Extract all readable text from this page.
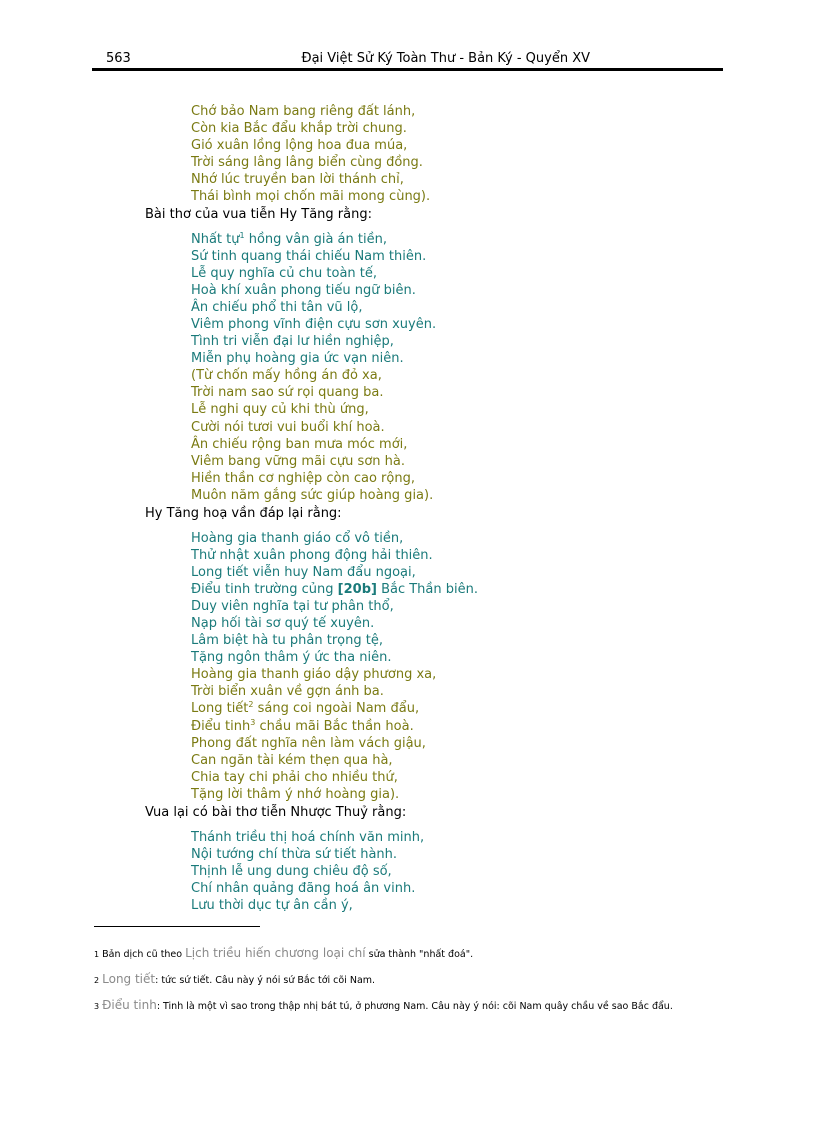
563	Đại Việt Sử Ký Toàn Thư - Bản Ký - Quyển XV
Chớ bảo Nam bang riêng đất lánh,
Còn kia Bắc đẩu khắp trời chung.
Gió xuân lồng lộng hoa đua múa,
Trời sáng lâng lâng biển cùng đồng.
Nhớ lúc truyền ban lời thánh chỉ,
Thái bình mọi chốn mãi mong cùng).
Bài thơ của vua tiễn Hy Tăng rằng:
Nhất tự$^1$ hồng vân già án tiền,
Sứ tinh quang thái chiếu Nam thiên.
Lễ quy nghĩa củ chu toàn tế,
Hoà khí xuân phong tiếu ngữ biên.
Ân chiếu phổ thi tân vũ lộ,
Viêm phong vĩnh điện cựu sơn xuyên.
Tình tri viễn đại lư hiền nghiệp,
Miễn phụ hoàng gia ức vạn niên.
(Từ chốn mấy hồng án đỏ xa,
Trời nam sao sứ rọi quang ba.
Lễ nghi quy củ khi thù ứng,
Cười nói tươi vui buổi khí hoà.
Ân chiếu rộng ban mưa móc mới,
Viêm bang vững mãi cựu sơn hà.
Hiền thần cơ nghiệp còn cao rộng,
Muôn năm gắng sức giúp hoàng gia).
Hy Tăng hoạ vần đáp lại rằng:
Hoàng gia thanh giáo cổ vô tiền,
Thử nhật xuân phong động hải thiên.
Long tiết viễn huy Nam đẩu ngoại,
Điểu tinh trường củng [20b] Bắc Thần biên.
Duy viên nghĩa tại tư phân thổ,
Nạp hối tài sơ quý tế xuyên.
Lâm biệt hà tu phân trọng tệ,
Tặng ngôn thâm ý ức tha niên.
Hoàng gia thanh giáo dậy phương xa,
Trời biển xuân về gợn ánh ba.
Long tiết$^2$ sáng coi ngoài Nam đẩu,
Điểu tinh$^3$ chầu mãi Bắc thần hoà.
Phong đất nghĩa nên làm vách giậu,
Can ngăn tài kém thẹn qua hà,
Chia tay chi phải cho nhiều thứ,
Tặng lời thâm ý nhớ hoàng gia).
Vua lại có bài thơ tiễn Nhược Thuỷ rằng:
Thánh triều thị hoá chính văn minh,
Nội tướng chí thừa sứ tiết hành.
Thịnh lễ ung dung chiêu độ số,
Chí nhân quảng đãng hoá ân vinh.
Lưu thời dục tự ân cần ý,
1 Bản dịch cũ theo Lịch triều hiến chương loại chí sửa thành "nhất đoá".
2 Long tiết: tức sứ tiết. Câu này ý nói sứ Bắc tới cõi Nam.
3 Điểu tinh: Tinh là một vì sao trong thập nhị bát tú, ở phương Nam. Câu này ý nói: cõi Nam quây chầu về sao Bắc đẩu.
